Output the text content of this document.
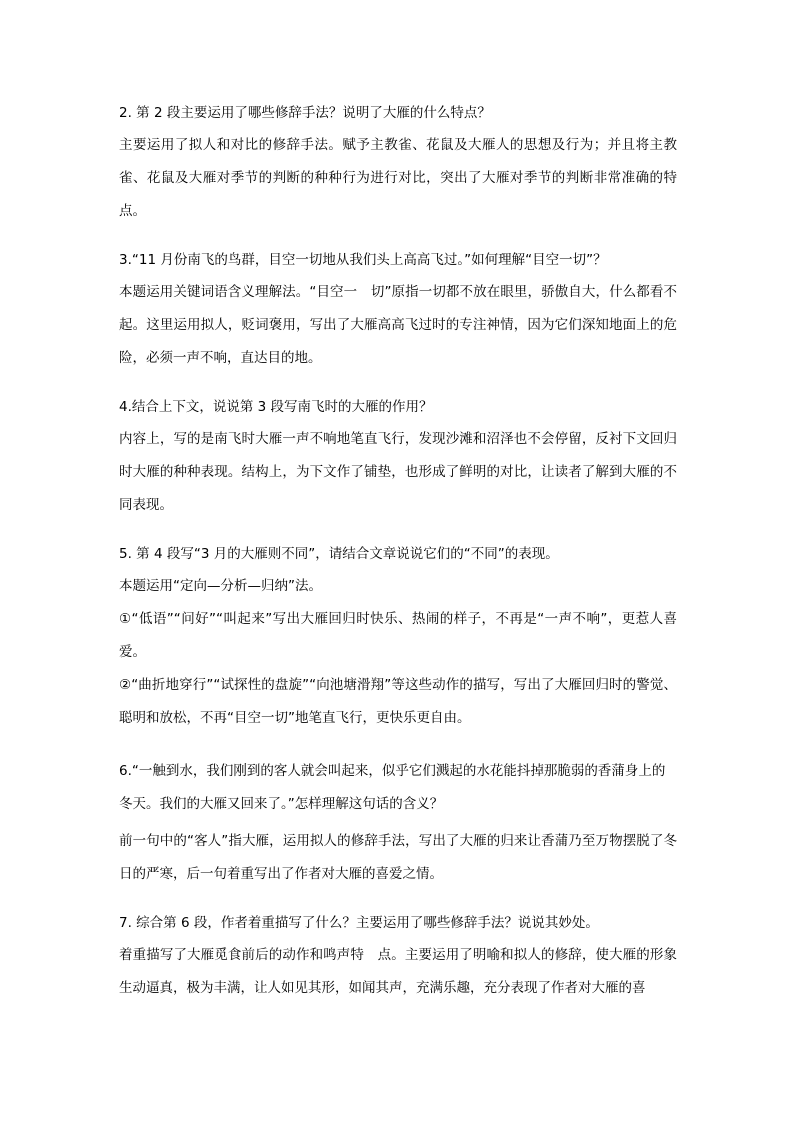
2. 第 2 段主要运用了哪些修辞手法？说明了大雁的什么特点？

主要运用了拟人和对比的修辞手法。赋予主教雀、花鼠及大雁人的思想及行为；并且将主教雀、花鼠及大雁对季节的判断的种种行为进行对比，突出了大雁对季节的判断非常准确的特点。

3.“11 月份南飞的鸟群，目空一切地从我们头上高高飞过。”如何理解“目空一切”？

本题运用关键词语含义理解法。“目空一　切”原指一切都不放在眼里，骄傲自大，什么都看不起。这里运用拟人，贬词褒用，写出了大雁高高飞过时的专注神情，因为它们深知地面上的危险，必须一声不响，直达目的地。

4.结合上下文，说说第 3 段写南飞时的大雁的作用？

内容上，写的是南飞时大雁一声不响地笔直飞行，发现沙滩和沼泽也不会停留，反衬下文回归时大雁的种种表现。结构上，为下文作了铺垫，也形成了鲜明的对比，让读者了解到大雁的不同表现。

5. 第 4 段写“3 月的大雁则不同”，请结合文章说说它们的“不同”的表现。

本题运用“定向—分析—归纳”法。

①“低语”“问好”“叫起来”写出大雁回归时快乐、热闹的样子，不再是“一声不响”，更惹人喜爱。

②“曲折地穿行”“试探性的盘旋”“向池塘滑翔”等这些动作的描写，写出了大雁回归时的警觉、聪明和放松，不再“目空一切”地笔直飞行，更快乐更自由。

6.“一触到水，我们刚到的客人就会叫起来，似乎它们溅起的水花能抖掉那脆弱的香蒲身上的冬天。我们的大雁又回来了。”怎样理解这句话的含义？

前一句中的“客人”指大雁，运用拟人的修辞手法，写出了大雁的归来让香蒲乃至万物摆脱了冬日的严寒，后一句着重写出了作者对大雁的喜爱之情。

7. 综合第 6 段，作者着重描写了什么？主要运用了哪些修辞手法？说说其妙处。

着重描写了大雁觅食前后的动作和鸣声特　点。主要运用了明喻和拟人的修辞，使大雁的形象生动逼真，极为丰满，让人如见其形，如闻其声，充满乐趣，充分表现了作者对大雁的喜
